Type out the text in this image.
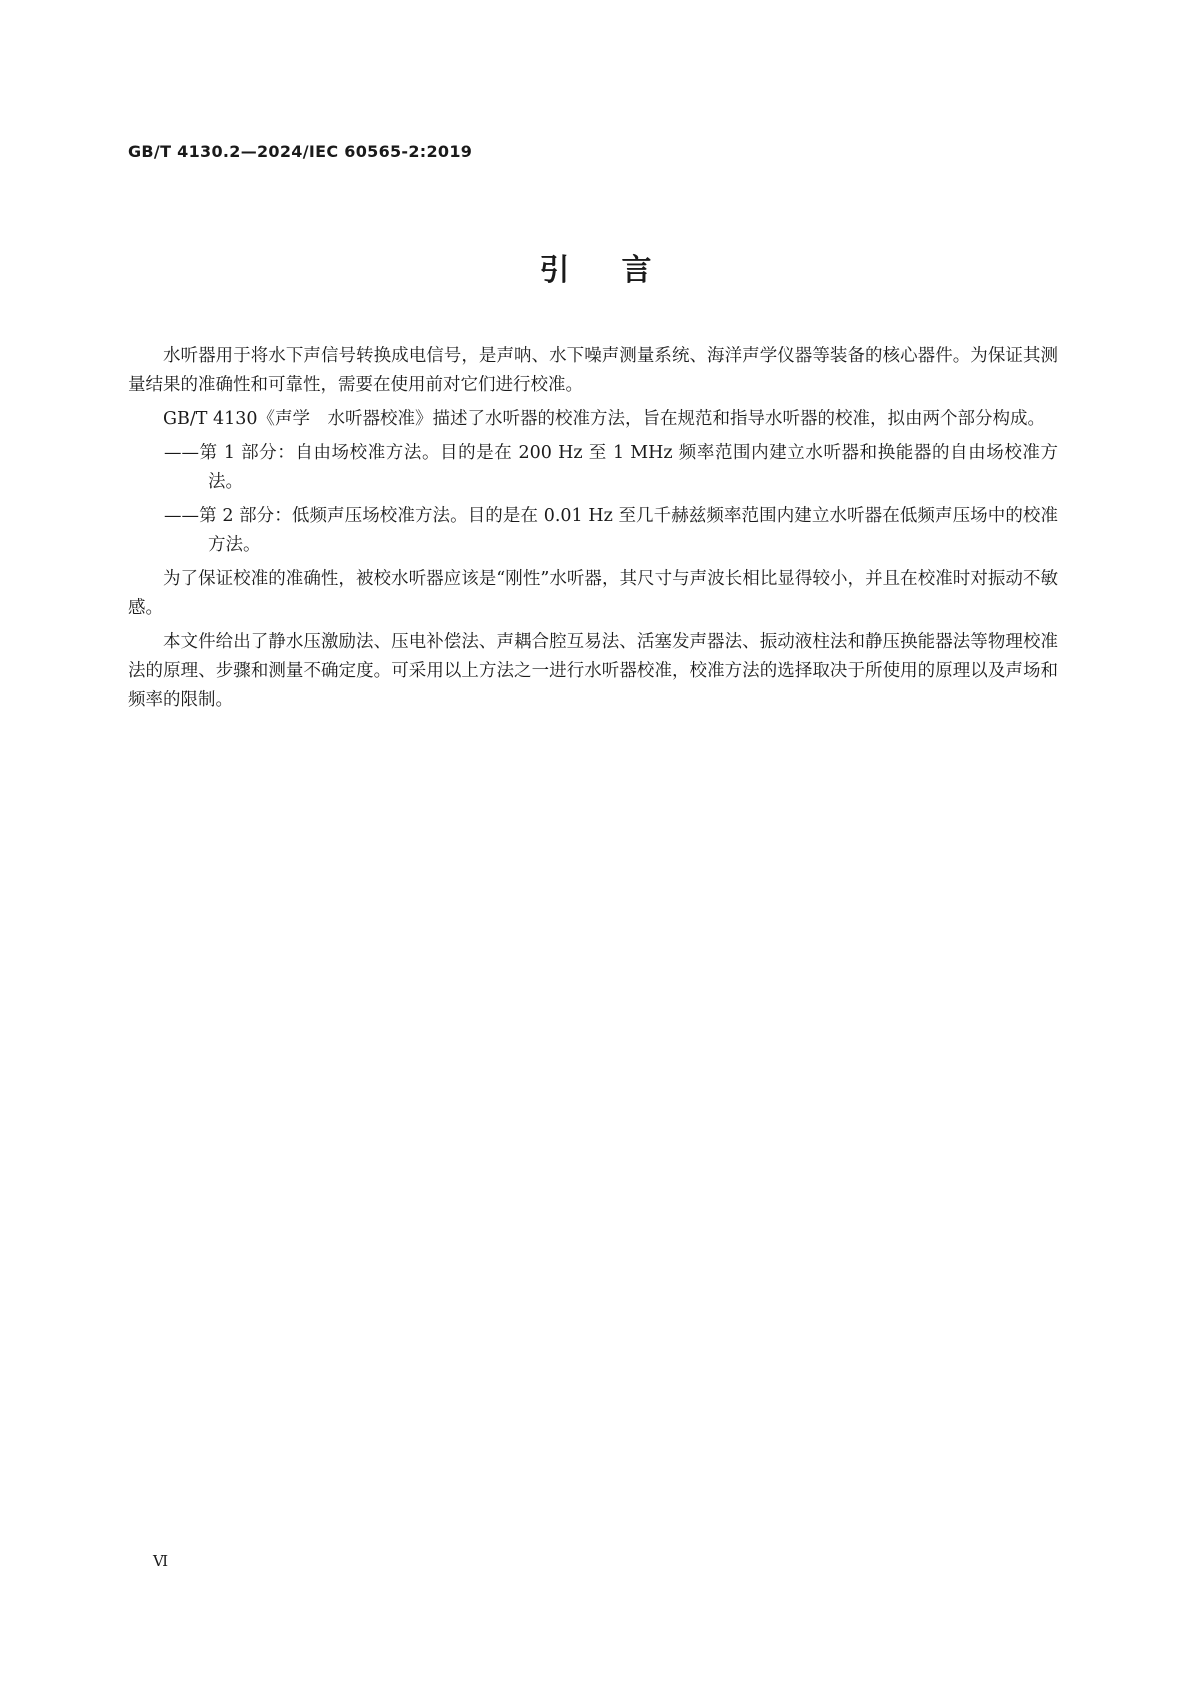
GB/T 4130.2—2024/IEC 60565-2:2019
引言

水听器用于将水下声信号转换成电信号，是声呐、水下噪声测量系统、海洋声学仪器等装备的核心器件。为保证其测量结果的准确性和可靠性，需要在使用前对它们进行校准。

GB/T 4130《声学　水听器校准》描述了水听器的校准方法，旨在规范和指导水听器的校准，拟由两个部分构成。

——第 1 部分：自由场校准方法。目的是在 200 Hz 至 1 MHz 频率范围内建立水听器和换能器的自由场校准方法。

——第 2 部分：低频声压场校准方法。目的是在 0.01 Hz 至几千赫兹频率范围内建立水听器在低频声压场中的校准方法。

为了保证校准的准确性，被校水听器应该是“刚性”水听器，其尺寸与声波长相比显得较小，并且在校准时对振动不敏感。

本文件给出了静水压激励法、压电补偿法、声耦合腔互易法、活塞发声器法、振动液柱法和静压换能器法等物理校准法的原理、步骤和测量不确定度。可采用以上方法之一进行水听器校准，校准方法的选择取决于所使用的原理以及声场和频率的限制。

Ⅵ
